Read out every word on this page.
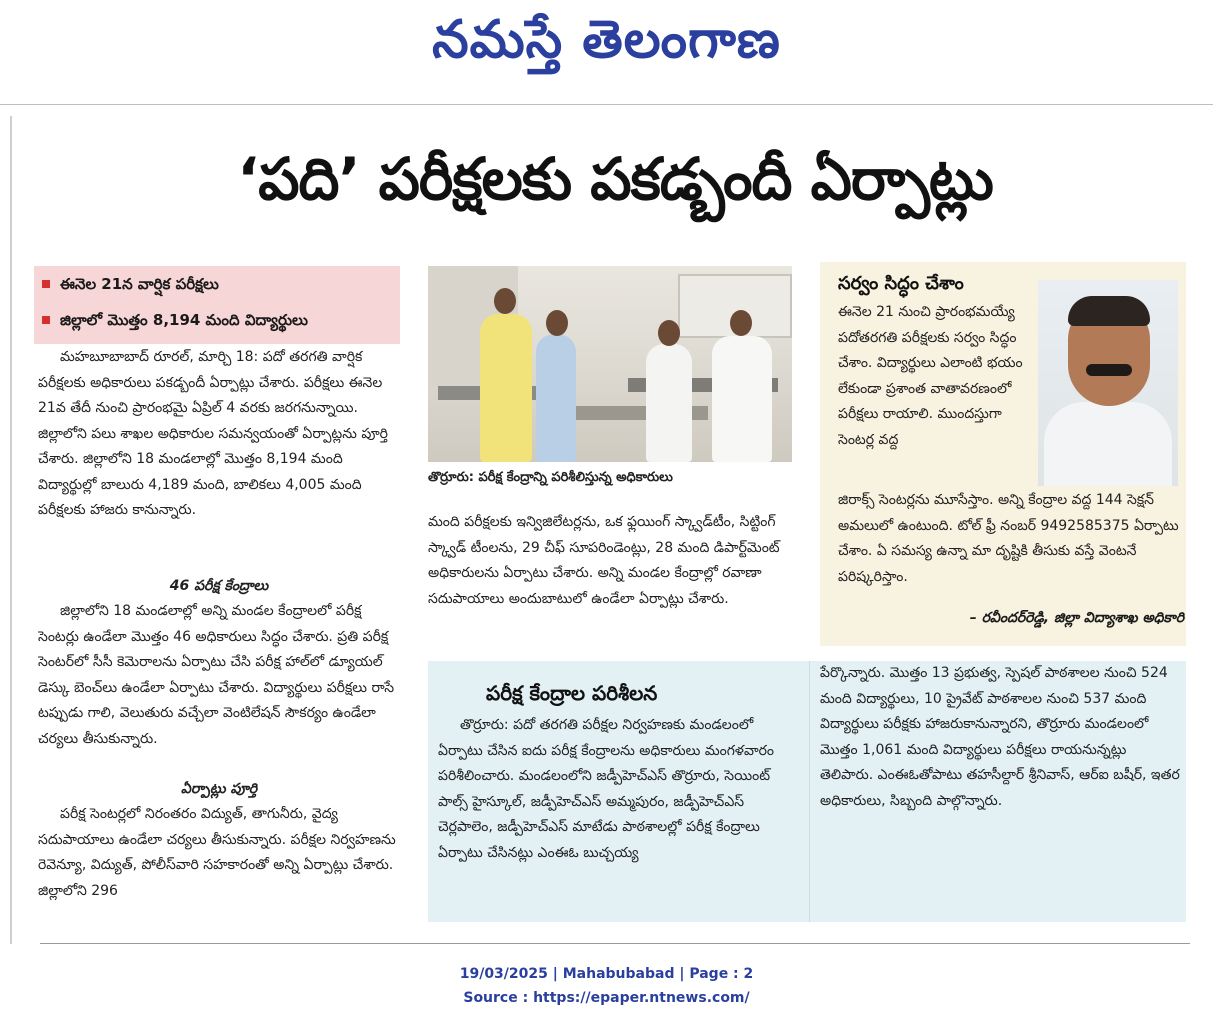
నమస్తే తెలంగాణ
‘పది’ పరీక్షలకు పకడ్బందీ ఏర్పాట్లు
ఈనెల 21న వార్షిక పరీక్షలు
జిల్లాలో మొత్తం 8,194 మంది విద్యార్థులు

మహబూబాబాద్ రూరల్, మార్చి 18: పదో తరగతి వార్షిక పరీక్షలకు అధికారులు పకడ్బందీ ఏర్పాట్లు చేశారు. పరీక్షలు ఈనెల 21వ తేదీ నుంచి ప్రారంభమై ఏప్రిల్ 4 వరకు జరగనున్నాయి. జిల్లాలోని పలు శాఖల అధికారుల సమన్వయంతో ఏర్పాట్లను పూర్తి చేశారు. జిల్లాలోని 18 మండలాల్లో మొత్తం 8,194 మంది విద్యార్థుల్లో బాలురు 4,189 మంది, బాలికలు 4,005 మంది పరీక్షలకు హాజరు కానున్నారు.

46 పరీక్ష కేంద్రాలు

జిల్లాలోని 18 మండలాల్లో అన్ని మండల కేంద్రాలలో పరీక్ష సెంటర్లు ఉండేలా మొత్తం 46 అధికారులు సిద్ధం చేశారు. ప్రతి పరీక్ష సెంటర్‌లో సీసీ కెమెరాలను ఏర్పాటు చేసి పరీక్ష హాల్‌లో డ్యూయల్ డెస్కు బెంచ్‌లు ఉండేలా ఏర్పాటు చేశారు. విద్యార్థులు పరీక్షలు రాసే టప్పుడు గాలి, వెలుతురు వచ్చేలా వెంటిలేషన్ సౌకర్యం ఉండేలా చర్యలు తీసుకున్నారు.

ఏర్పాట్లు పూర్తి

పరీక్ష సెంటర్లలో నిరంతరం విద్యుత్, తాగునీరు, వైద్య సదుపాయాలు ఉండేలా చర్యలు తీసుకున్నారు. పరీక్షల నిర్వహణను రెవెన్యూ, విద్యుత్, పోలీస్‌వారి సహకారంతో అన్ని ఏర్పాట్లు చేశారు. జిల్లాలోని 296

తొర్రూరు: పరీక్ష కేంద్రాన్ని పరిశీలిస్తున్న అధికారులు

మంది పరీక్షలకు ఇన్విజిలేటర్లను, ఒక ఫ్లయింగ్ స్క్వాడ్‌టీం, సిట్టింగ్ స్క్వాడ్ టీంలను, 29 చీఫ్ సూపరిండెంట్లు, 28 మంది డిపార్ట్‌మెంట్ అధికారులను ఏర్పాటు చేశారు. అన్ని మండల కేంద్రాల్లో రవాణా సదుపాయాలు అందుబాటులో ఉండేలా ఏర్పాట్లు చేశారు.

సర్వం సిద్ధం చేశాం

ఈనెల 21 నుంచి ప్రారంభమయ్యే పదోతరగతి పరీక్షలకు సర్వం సిద్ధం చేశాం. విద్యార్థులు ఎలాంటి భయం లేకుండా ప్రశాంత వాతావరణంలో పరీక్షలు రాయాలి. ముందస్తుగా సెంటర్ల వద్ద

జిరాక్స్ సెంటర్లను మూసేస్తాం. అన్ని కేంద్రాల వద్ద 144 సెక్షన్ అమలులో ఉంటుంది. టోల్ ఫ్రీ నంబర్ 9492585375 ఏర్పాటు చేశాం. ఏ సమస్య ఉన్నా మా దృష్టికి తీసుకు వస్తే వెంటనే పరిష్కరిస్తాం.

– రవీందర్‌రెడ్డి, జిల్లా విద్యాశాఖ అధికారి
పరీక్ష కేంద్రాల పరిశీలన

తొర్రూరు: పదో తరగతి పరీక్షల నిర్వహణకు మండలంలో ఏర్పాటు చేసిన ఐదు పరీక్ష కేంద్రాలను అధికారులు మంగళవారం పరిశీలించారు. మండలంలోని జడ్పీహెచ్‌ఎస్ తొర్రూరు, సెయింట్ పాల్స్ హైస్కూల్, జడ్పీహెచ్‌ఎస్ అమ్మపురం, జడ్పీహెచ్‌ఎస్ చెర్లపాలెం, జడ్పీహెచ్‌ఎస్ మాటేడు పాఠశాలల్లో పరీక్ష కేంద్రాలు ఏర్పాటు చేసినట్లు ఎంఈఓ బుచ్చయ్య

పేర్కొన్నారు. మొత్తం 13 ప్రభుత్వ, స్పెషల్ పాఠశాలల నుంచి 524 మంది విద్యార్థులు, 10 ప్రైవేట్ పాఠశాలల నుంచి 537 మంది విద్యార్థులు పరీక్షకు హాజరుకానున్నారని, తొర్రూరు మండలంలో మొత్తం 1,061 మంది విద్యార్థులు పరీక్షలు రాయనున్నట్లు తెలిపారు. ఎంఈఓతోపాటు తహసీల్దార్ శ్రీనివాస్, ఆర్ఐ బషీర్, ఇతర అధికారులు, సిబ్బంది పాల్గొన్నారు.

19/03/2025 | Mahabubabad | Page : 2
Source : https://epaper.ntnews.com/
